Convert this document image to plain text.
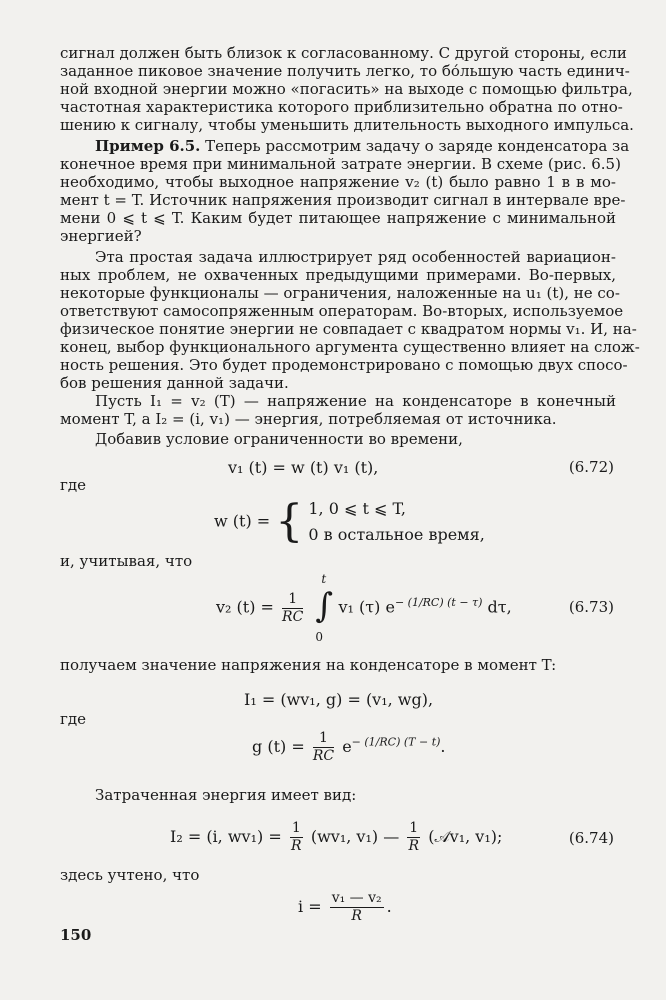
сигнал должен быть близок к согласованному. С другой стороны, если
заданное пиковое значение получить легко, то бо́льшую часть единич-
ной входной энергии можно «погасить» на выходе с помощью фильтра,
частотная характеристика которого приблизительно обратна по отно-
шению к сигналу, чтобы уменьшить длительность выходного импульса.
Пример 6.5. Теперь рассмотрим задачу о заряде конденсатора за
конечное время при минимальной затрате энергии. В схеме (рис. 6.5)
необходимо, чтобы выходное напряжение v₂ (t) было равно 1 в в мо-
мент t = T. Источник напряжения производит сигнал в интервале вре-
мени 0 ⩽ t ⩽ T. Каким будет питающее напряжение с минимальной
энергией?
Эта простая задача иллюстрирует ряд особенностей вариацион-
ных проблем, не охваченных предыдущими примерами. Во-первых,
некоторые функционалы — ограничения, наложенные на u₁ (t), не со-
ответствуют самосопряженным операторам. Во-вторых, используемое
физическое понятие энергии не совпадает с квадратом нормы v₁. И, на-
конец, выбор функционального аргумента существенно влияет на слож-
ность решения. Это будет продемонстрировано с помощью двух спосо-
бов решения данной задачи.
Пусть I₁ = v₂ (T) — напряжение на конденсаторе в конечный
момент T, а I₂ = (i, v₁) — энергия, потребляемая от источника.
Добавив условие ограниченности во времени,
v₁ (t) = w (t) v₁ (t),	(6.72)
где
w (t) = { 1, 0 ⩽ t ⩽ T,
0 в остальное время,
и, учитывая, что
v₂ $(t) = \frac{1}{RC}$

t
∫
0
v₁ (τ) $e^{- (1/RC) (t - \tau)}$ dτ,	(6.73)
получаем значение напряжения на конденсаторе в момент T:
I₁ = (wv₁, g) = (v₁, wg),
где
g $(t) = \frac{1}{RC} e^{- (1/RC) (T - t)}$.
Затраченная энергия имеет вид:
I₂ = (i, $wv_1) = \frac{1}{R} (wv_1$, v₁) — $\frac{1}{R}$ (𝒜v₁, v₁);	(6.74)
здесь учтено, что
$i = \frac{\text{v₁ — v₂}}{R}$ .
150
